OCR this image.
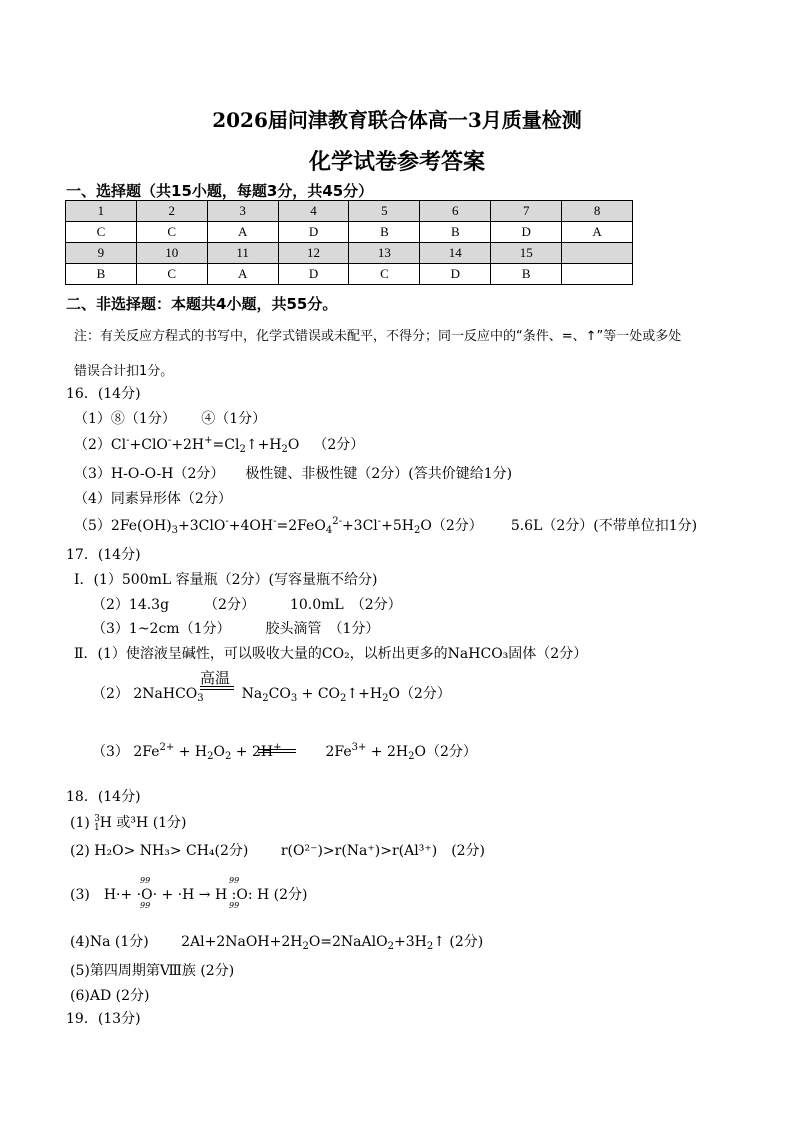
2026届问津教育联合体高一3月质量检测
化学试卷参考答案
一、选择题（共15小题，每题3分，共45分）
1	2	3	4	5	6	7	8
C	C	A	D	B	B	D	A
9	10	11	12	13	14	15	
B	C	A	D	C	D	B	
二、非选择题：本题共4小题，共55分。
注：有关反应方程式的书写中，化学式错误或未配平，不得分；同一反应中的“条件、=、↑”等一处或多处
错误合计扣1分。
16．(14分)
（1）⑧（1分）　　 ④（1分）
（2）Cl-+ClO-+2H+=Cl2↑+H2O　（2分）
（3）H-O-O-H（2分）　　极性键、非极性键（2分）(答共价键给1分)
（4）同素异形体（2分）
（5）2Fe(OH)3+3ClO-+4OH-=2FeO42-+3Cl-+5H2O（2分）　　 5.6L（2分）(不带单位扣1分)
17．(14分)
Ⅰ．(1）500mL 容量瓶（2分）(写容量瓶不给分)
（2）14.3g　　　（2分）　　　10.0mL　（2分）
（3）1~2cm（1分）　　　胶头滴管　（1分）
Ⅱ．(1）使溶液呈碱性，可以吸收大量的CO₂，以析出更多的NaHCO₃固体（2分）
高温
（2） 2NaHCO3	Na2CO3 + CO2↑+H2O（2分）
（3） 2Fe2+ + H2O2 + 2H+	2Fe3+ + 2H2O（2分）
18．(14分)
(1) 31H 或³H (1分)
(2) H₂O> NH₃> CH₄(2分)　　 r(O²⁻)>r(Na⁺)>r(Al³⁺)　(2分)
(3)　H·+ ·O· + ·H → H :O: H (2分)
99
99
99
99
(4)Na (1分)　　 2Al+2NaOH+2H2O=2NaAlO2+3H2↑ (2分)
(5)第四周期第Ⅷ族 (2分)
(6)AD (2分)
19．(13分)
